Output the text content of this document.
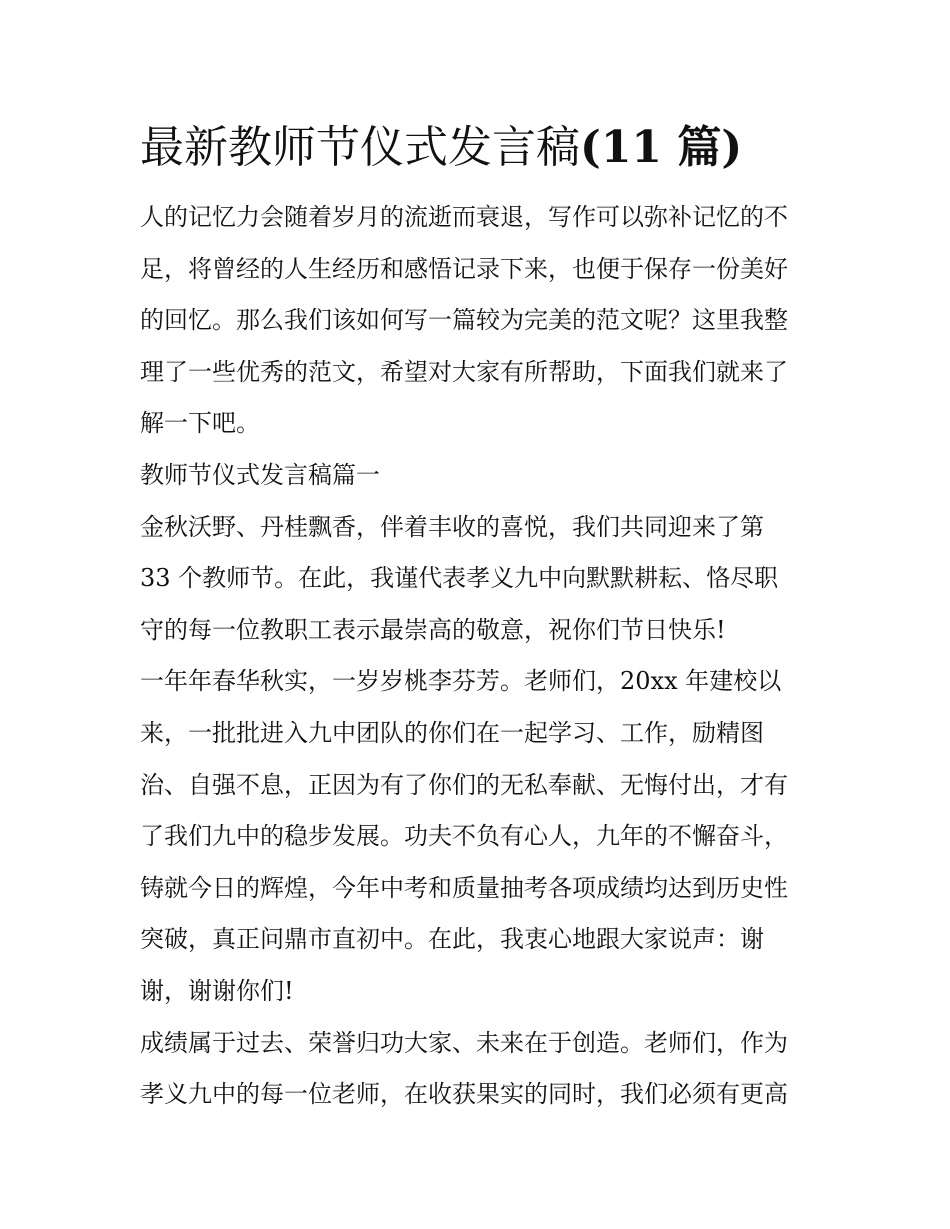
最新教师节仪式发言稿(11 篇)
人的记忆力会随着岁月的流逝而衰退，写作可以弥补记忆的不
足，将曾经的人生经历和感悟记录下来，也便于保存一份美好
的回忆。那么我们该如何写一篇较为完美的范文呢？这里我整
理了一些优秀的范文，希望对大家有所帮助，下面我们就来了
解一下吧。
教师节仪式发言稿篇一
金秋沃野、丹桂飘香，伴着丰收的喜悦，我们共同迎来了第
33 个教师节。在此，我谨代表孝义九中向默默耕耘、恪尽职
守的每一位教职工表示最崇高的敬意，祝你们节日快乐!
一年年春华秋实，一岁岁桃李芬芳。老师们，20xx 年建校以
来，一批批进入九中团队的你们在一起学习、工作，励精图
治、自强不息，正因为有了你们的无私奉献、无悔付出，才有
了我们九中的稳步发展。功夫不负有心人，九年的不懈奋斗，
铸就今日的辉煌，今年中考和质量抽考各项成绩均达到历史性
突破，真正问鼎市直初中。在此，我衷心地跟大家说声：谢
谢，谢谢你们!
成绩属于过去、荣誉归功大家、未来在于创造。老师们，作为
孝义九中的每一位老师，在收获果实的同时，我们必须有更高
